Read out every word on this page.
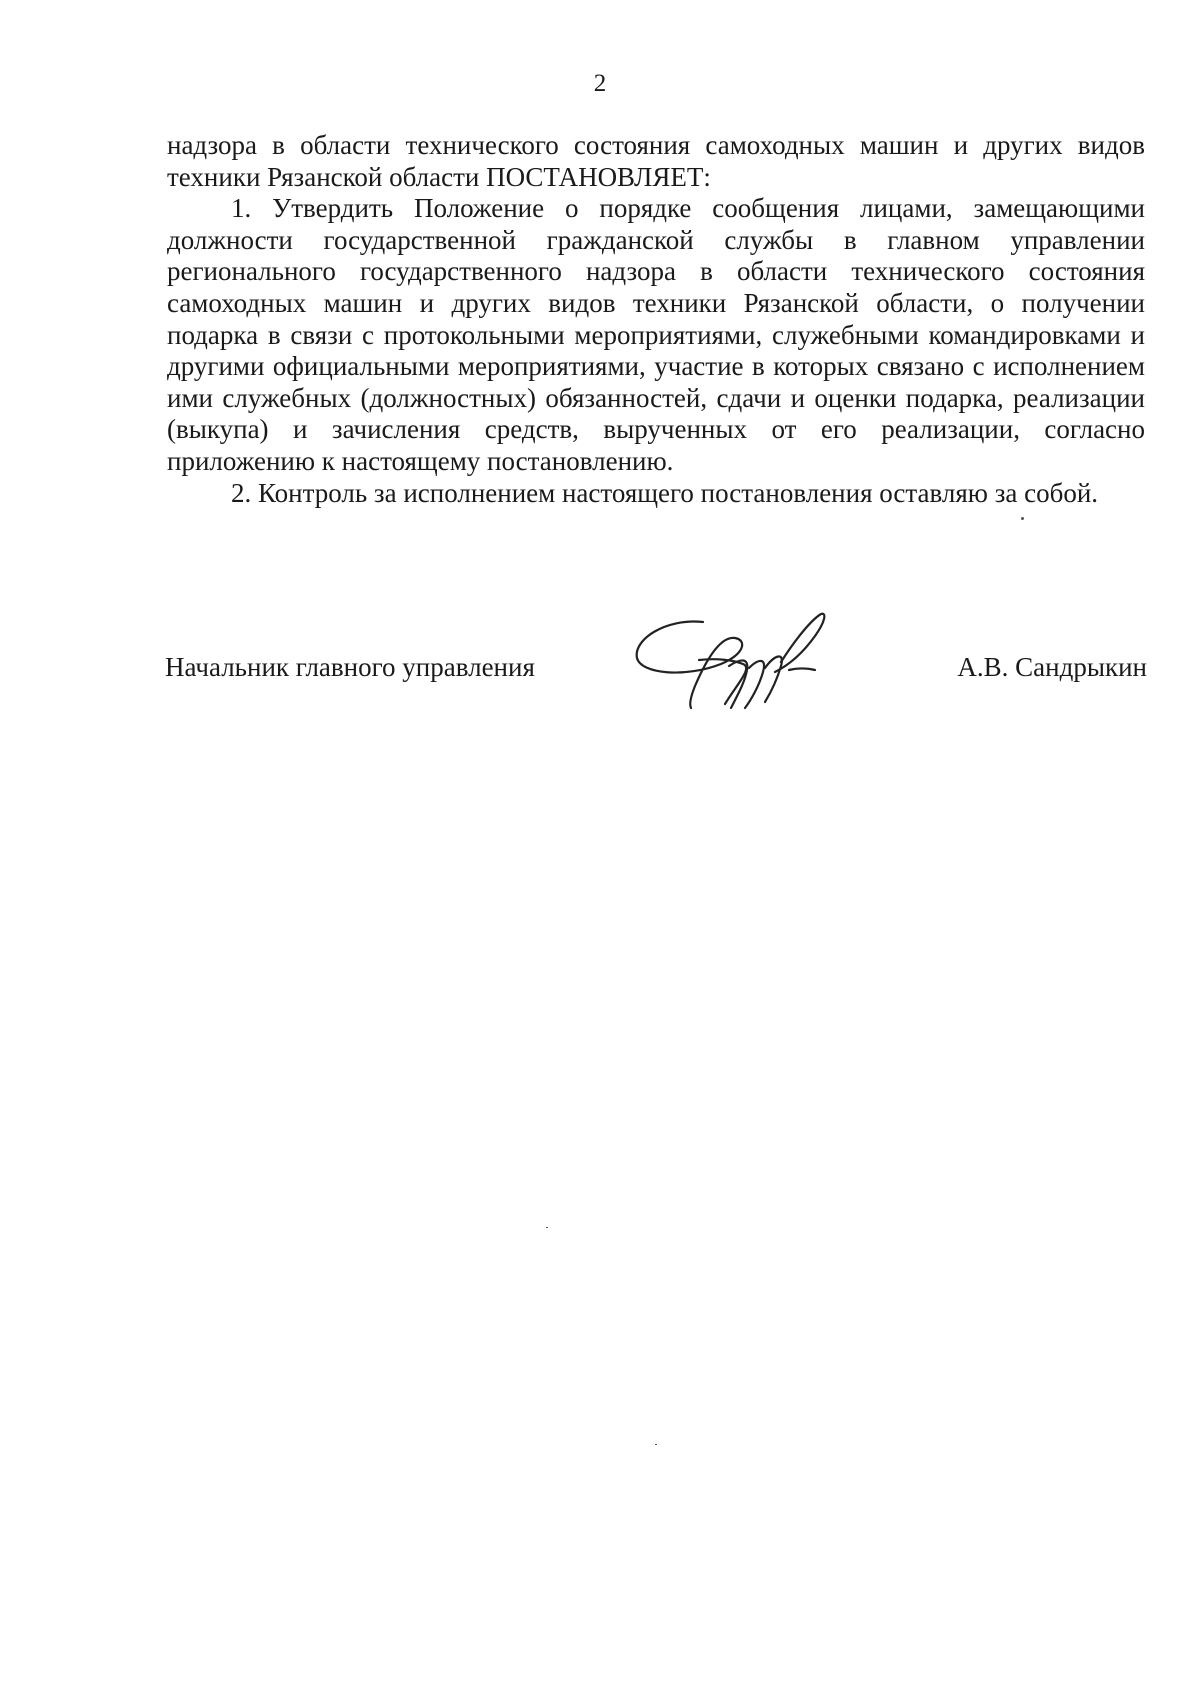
2

надзора в области технического состояния самоходных машин и других видов техники Рязанской области ПОСТАНОВЛЯЕТ:

1. Утвердить Положение о порядке сообщения лицами, замещающими должности государственной гражданской службы в главном управлении регионального государственного надзора в области технического состояния самоходных машин и других видов техники Рязанской области, о получении подарка в связи с протокольными мероприятиями, служебными командировками и другими официальными мероприятиями, участие в которых связано с исполнением ими служебных (должностных) обязанностей, сдачи и оценки подарка, реализации (выкупа) и зачисления средств, вырученных от его реализации, согласно приложению к настоящему постановлению.

2. Контроль за исполнением настоящего постановления оставляю за собой.

Начальник главного управления	А.В. Сандрыкин
